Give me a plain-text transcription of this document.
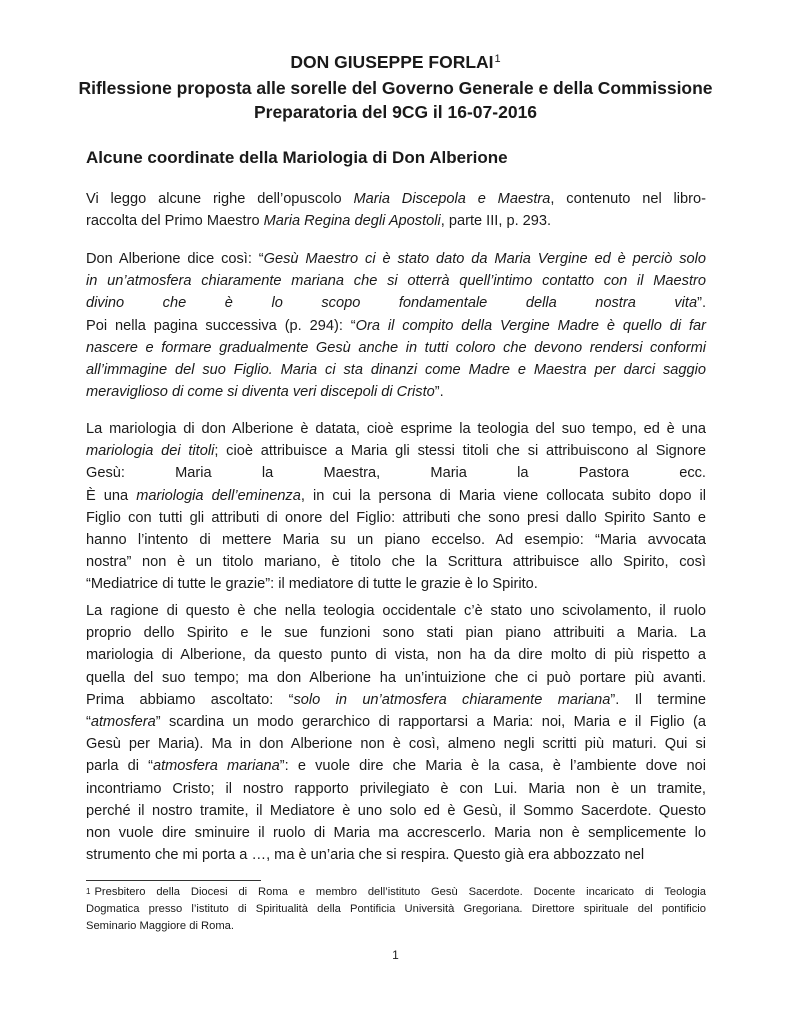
DON GIUSEPPE FORLAI$^1$

Riflessione proposta alle sorelle del Governo Generale e della Commissione

Preparatoria del 9CG il 16-07-2016

Alcune coordinate della Mariologia di Don Alberione
Vi leggo alcune righe dell’opuscolo Maria Discepola e Maestra, contenuto nel libro-
raccolta del Primo Maestro Maria Regina degli Apostoli, parte III, p. 293.
Don Alberione dice così: “Gesù Maestro ci è stato dato da Maria Vergine ed è perciò solo
in un’atmosfera chiaramente mariana che si otterrà quell’intimo contatto con il Maestro
divino che è lo scopo fondamentale della nostra vita”.
Poi nella pagina successiva (p. 294): “Ora il compito della Vergine Madre è quello di far
nascere e formare gradualmente Gesù anche in tutti coloro che devono rendersi conformi
all’immagine del suo Figlio. Maria ci sta dinanzi come Madre e Maestra per darci saggio
meraviglioso di come si diventa veri discepoli di Cristo”.
La mariologia di don Alberione è datata, cioè esprime la teologia del suo tempo, ed è una
mariologia dei titoli; cioè attribuisce a Maria gli stessi titoli che si attribuiscono al Signore
Gesù: Maria la Maestra, Maria la Pastora ecc.
È una mariologia dell’eminenza, in cui la persona di Maria viene collocata subito dopo il
Figlio con tutti gli attributi di onore del Figlio: attributi che sono presi dallo Spirito Santo e
hanno l’intento di mettere Maria su un piano eccelso. Ad esempio: “Maria avvocata
nostra” non è un titolo mariano, è titolo che la Scrittura attribuisce allo Spirito, così
“Mediatrice di tutte le grazie”: il mediatore di tutte le grazie è lo Spirito.
La ragione di questo è che nella teologia occidentale c’è stato uno scivolamento, il ruolo
proprio dello Spirito e le sue funzioni sono stati pian piano attribuiti a Maria. La
mariologia di Alberione, da questo punto di vista, non ha da dire molto di più rispetto a
quella del suo tempo; ma don Alberione ha un’intuizione che ci può portare più avanti.
Prima abbiamo ascoltato: “solo in un’atmosfera chiaramente mariana”. Il termine
“atmosfera” scardina un modo gerarchico di rapportarsi a Maria: noi, Maria e il Figlio (a
Gesù per Maria). Ma in don Alberione non è così, almeno negli scritti più maturi. Qui si
parla di “atmosfera mariana”: e vuole dire che Maria è la casa, è l’ambiente dove noi
incontriamo Cristo; il nostro rapporto privilegiato è con Lui. Maria non è un tramite,
perché il nostro tramite, il Mediatore è uno solo ed è Gesù, il Sommo Sacerdote. Questo
non vuole dire sminuire il ruolo di Maria ma accrescerlo. Maria non è semplicemente lo
strumento che mi porta a …, ma è un’aria che si respira. Questo già era abbozzato nel
$^1$ Presbitero della Diocesi di Roma e membro dell’istituto Gesù Sacerdote. Docente incaricato di Teologia
Dogmatica presso l’istituto di Spiritualità della Pontificia Università Gregoriana. Direttore spirituale del pontificio
Seminario Maggiore di Roma.

1
